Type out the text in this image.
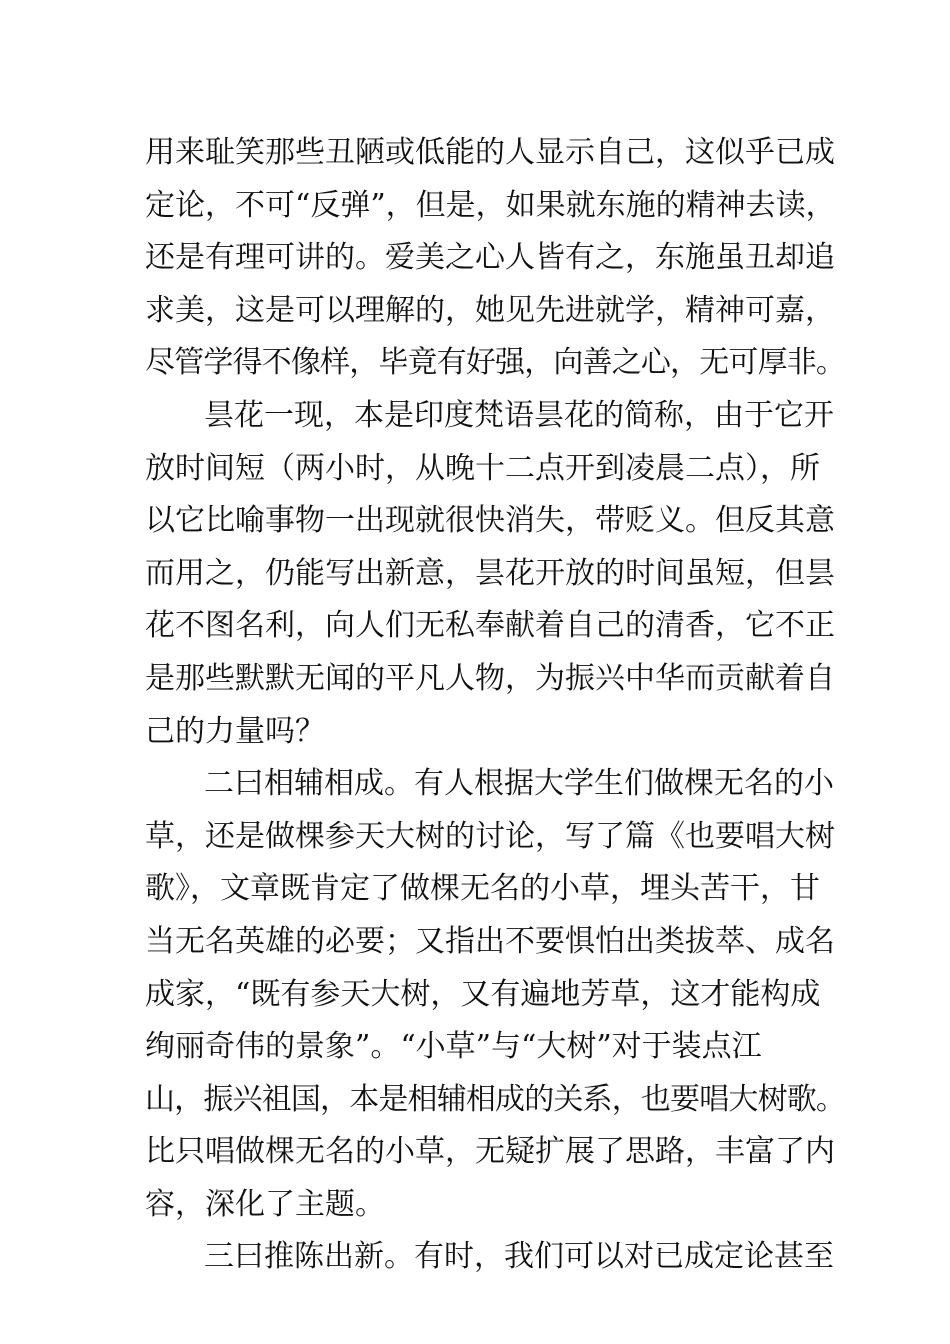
用来耻笑那些丑陋或低能的人显示自己，这似乎已成
定论，不可“反弹”，但是，如果就东施的精神去读，
还是有理可讲的。爱美之心人皆有之，东施虽丑却追
求美，这是可以理解的，她见先进就学，精神可嘉，
尽管学得不像样，毕竟有好强，向善之心，无可厚非。
昙花一现，本是印度梵语昙花的简称，由于它开
放时间短（两小时，从晚十二点开到凌晨二点），所
以它比喻事物一出现就很快消失，带贬义。但反其意
而用之，仍能写出新意，昙花开放的时间虽短，但昙
花不图名利，向人们无私奉献着自己的清香，它不正
是那些默默无闻的平凡人物，为振兴中华而贡献着自
己的力量吗？
二曰相辅相成。有人根据大学生们做棵无名的小
草，还是做棵参天大树的讨论，写了篇《也要唱大树
歌》，文章既肯定了做棵无名的小草，埋头苦干，甘
当无名英雄的必要；又指出不要惧怕出类拔萃、成名
成家，“既有参天大树，又有遍地芳草，这才能构成
绚丽奇伟的景象”。“小草”与“大树”对于装点江
山，振兴祖国，本是相辅相成的关系，也要唱大树歌。
比只唱做棵无名的小草，无疑扩展了思路，丰富了内
容，深化了主题。
三曰推陈出新。有时，我们可以对已成定论甚至
